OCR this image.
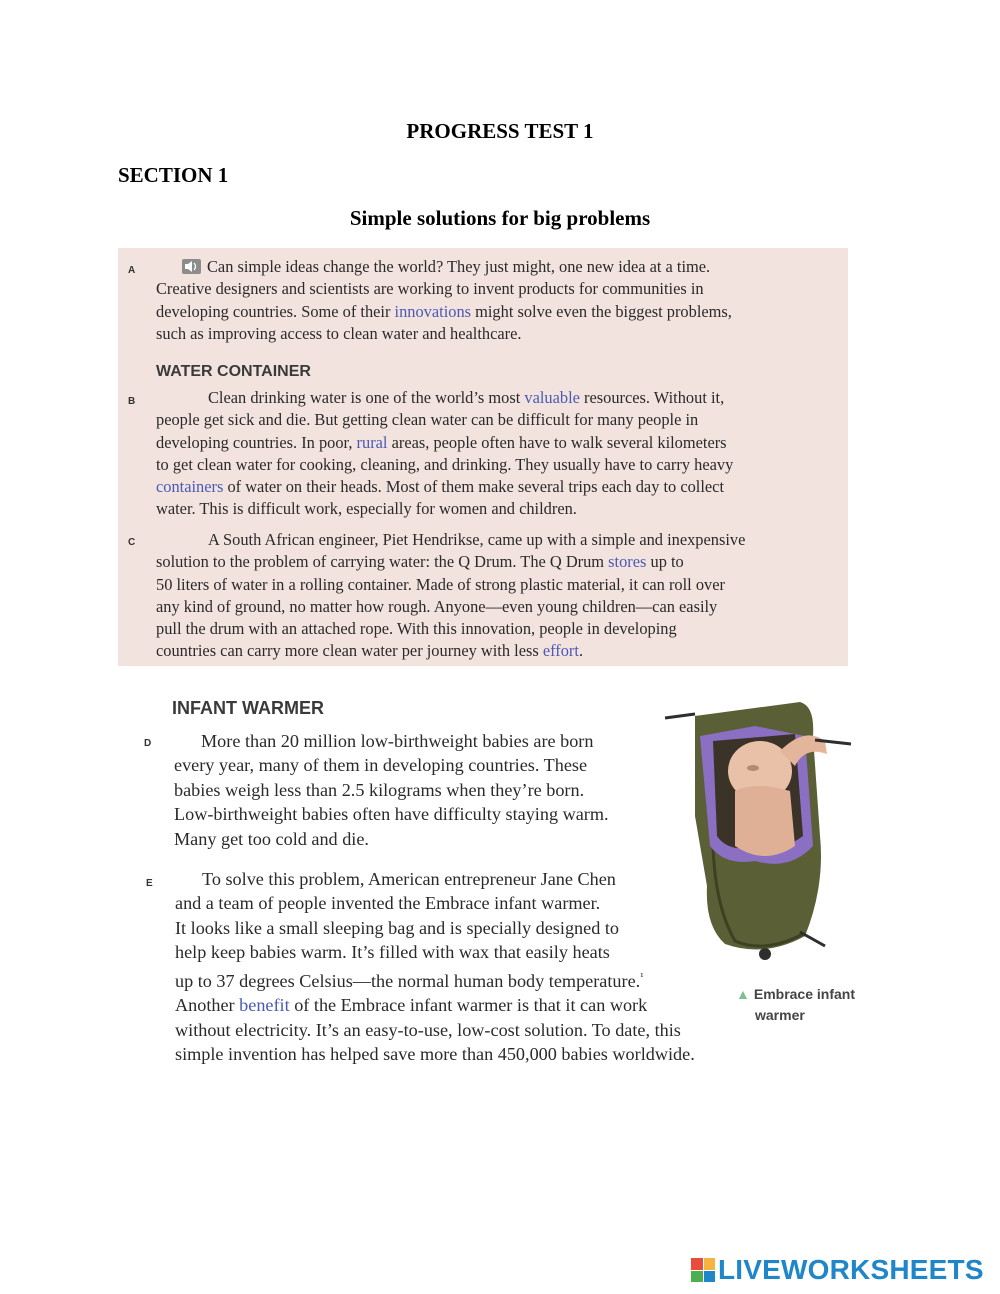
PROGRESS TEST 1
SECTION 1
Simple solutions for big problems
A	Can simple ideas change the world? They just might, one new idea at a time.
Creative designers and scientists are working to invent products for communities in
developing countries. Some of their innovations might solve even the biggest problems,
such as improving access to clean water and healthcare.
WATER CONTAINER
B	Clean drinking water is one of the world’s most valuable resources. Without it,
people get sick and die. But getting clean water can be difficult for many people in
developing countries. In poor, rural areas, people often have to walk several kilometers
to get clean water for cooking, cleaning, and drinking. They usually have to carry heavy
containers of water on their heads. Most of them make several trips each day to collect
water. This is difficult work, especially for women and children.
C	A South African engineer, Piet Hendrikse, came up with a simple and inexpensive
solution to the problem of carrying water: the Q Drum. The Q Drum stores up to
50 liters of water in a rolling container. Made of strong plastic material, it can roll over
any kind of ground, no matter how rough. Anyone—even young children—can easily
pull the drum with an attached rope. With this innovation, people in developing
countries can carry more clean water per journey with less effort.
INFANT WARMER
D	More than 20 million low-birthweight babies are born
every year, many of them in developing countries. These
babies weigh less than 2.5 kilograms when they’re born.
Low-birthweight babies often have difficulty staying warm.
Many get too cold and die.
E	To solve this problem, American entrepreneur Jane Chen
and a team of people invented the Embrace infant warmer.
It looks like a small sleeping bag and is specially designed to
help keep babies warm. It’s filled with wax that easily heats
up to 37 degrees Celsius—the normal human body temperature.$^{^1}$
Another benefit of the Embrace infant warmer is that it can work
without electricity. It’s an easy-to-use, low-cost solution. To date, this
simple invention has helped save more than 450,000 babies worldwide.
▲ Embrace infant
warmer
LIVEWORKSHEETS
